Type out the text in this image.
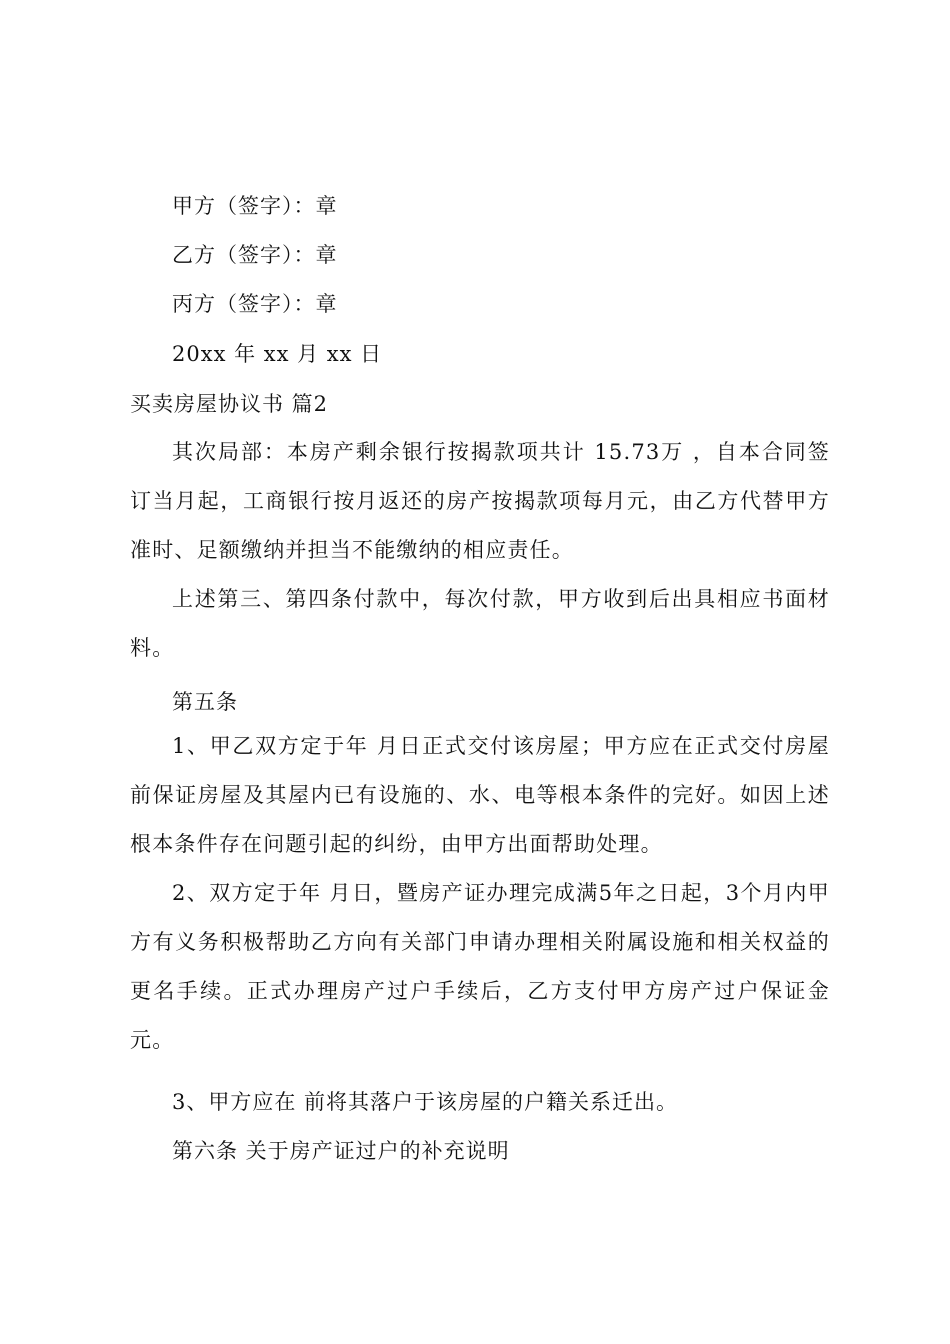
甲方（签字）：章
乙方（签字）：章
丙方（签字）：章
20xx 年 xx 月 xx 日
买卖房屋协议书 篇2

其次局部：本房产剩余银行按揭款项共计 15.73万 ，自本合同签订当月起，工商银行按月返还的房产按揭款项每月元，由乙方代替甲方准时、足额缴纳并担当不能缴纳的相应责任。

上述第三、第四条付款中，每次付款，甲方收到后出具相应书面材料。

第五条

1、甲乙双方定于年 月日正式交付该房屋；甲方应在正式交付房屋前保证房屋及其屋内已有设施的、水、电等根本条件的完好。如因上述根本条件存在问题引起的纠纷，由甲方出面帮助处理。

2、双方定于年 月日，暨房产证办理完成满5年之日起，3个月内甲方有义务积极帮助乙方向有关部门申请办理相关附属设施和相关权益的更名手续。正式办理房产过户手续后，乙方支付甲方房产过户保证金元。

3、甲方应在 前将其落户于该房屋的户籍关系迁出。
第六条 关于房产证过户的补充说明
